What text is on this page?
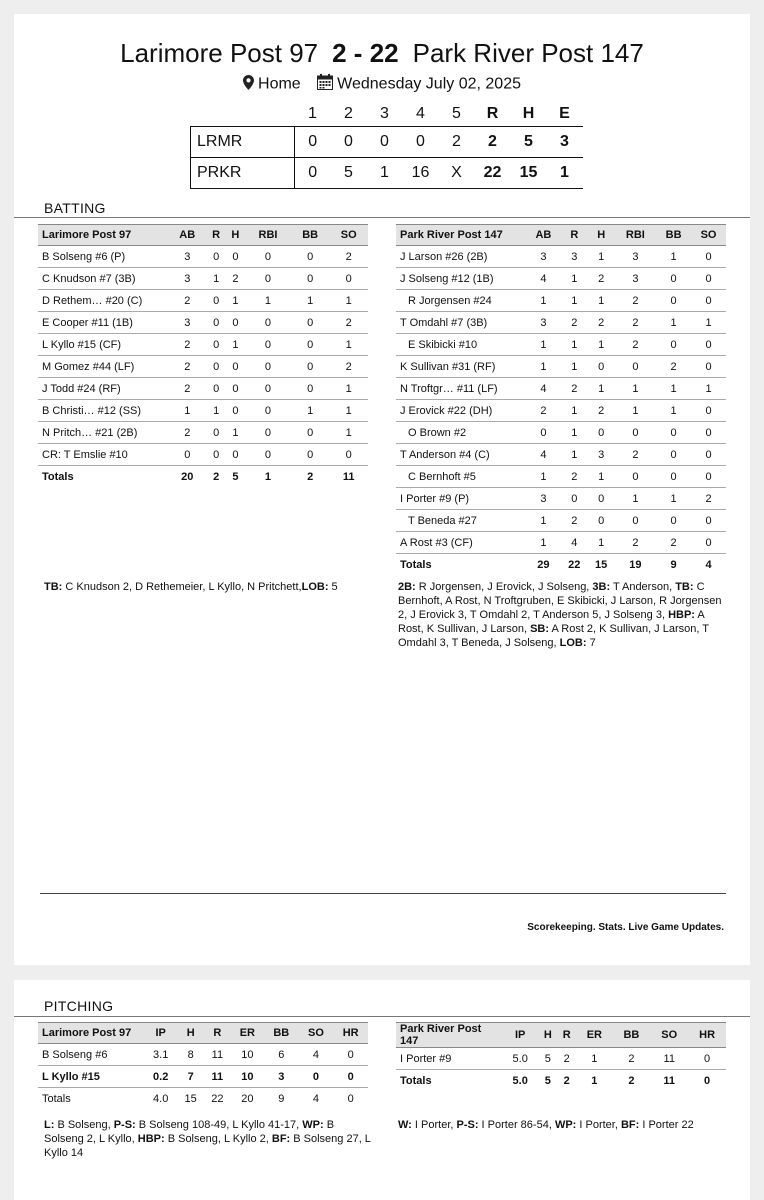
Larimore Post 97 2 - 22 Park River Post 147
Home Wednesday July 02, 2025
	1	2	3	4	5	R	H	E
LRMR	0	0	0	0	2	2	5	3
PRKR	0	5	1	16	X	22	15	1
BATTING
Larimore Post 97	AB	R	H	RBI	BB	SO
B Solseng #6 (P)	3	0	0	0	0	2
C Knudson #7 (3B)	3	1	2	0	0	0
D Rethem… #20 (C)	2	0	1	1	1	1
E Cooper #11 (1B)	3	0	0	0	0	2
L Kyllo #15 (CF)	2	0	1	0	0	1
M Gomez #44 (LF)	2	0	0	0	0	2
J Todd #24 (RF)	2	0	0	0	0	1
B Christi… #12 (SS)	1	1	0	0	1	1
N Pritch… #21 (2B)	2	0	1	0	0	1
CR: T Emslie #10	0	0	0	0	0	0
Totals	20	2	5	1	2	11
Park River Post 147	AB	R	H	RBI	BB	SO
J Larson #26 (2B)	3	3	1	3	1	0
J Solseng #12 (1B)	4	1	2	3	0	0
R Jorgensen #24	1	1	1	2	0	0
T Omdahl #7 (3B)	3	2	2	2	1	1
E Skibicki #10	1	1	1	2	0	0
K Sullivan #31 (RF)	1	1	0	0	2	0
N Troftgr… #11 (LF)	4	2	1	1	1	1
J Erovick #22 (DH)	2	1	2	1	1	0
O Brown #2	0	1	0	0	0	0
T Anderson #4 (C)	4	1	3	2	0	0
C Bernhoft #5	1	2	1	0	0	0
I Porter #9 (P)	3	0	0	1	1	2
T Beneda #27	1	2	0	0	0	0
A Rost #3 (CF)	1	4	1	2	2	0
Totals	29	22	15	19	9	4
TB: C Knudson 2, D Rethemeier, L Kyllo, N Pritchett,LOB: 5	2B: R Jorgensen, J Erovick, J Solseng, 3B: T Anderson, TB: C Bernhoft, A Rost, N Troftgruben, E Skibicki, J Larson, R Jorgensen 2, J Erovick 3, T Omdahl 2, T Anderson 5, J Solseng 3, HBP: A Rost, K Sullivan, J Larson, SB: A Rost 2, K Sullivan, J Larson, T Omdahl 3, T Beneda, J Solseng, LOB: 7
Scorekeeping. Stats. Live Game Updates.
PITCHING
Larimore Post 97	IP	H	R	ER	BB	SO	HR
B Solseng #6	3.1	8	11	10	6	4	0
L Kyllo #15	0.2	7	11	10	3	0	0
Totals	4.0	15	22	20	9	4	0
Park River Post 147	IP	H	R	ER	BB	SO	HR
I Porter #9	5.0	5	2	1	2	11	0
Totals	5.0	5	2	1	2	11	0
L: B Solseng, P-S: B Solseng 108-49, L Kyllo 41-17, WP: B Solseng 2, L Kyllo, HBP: B Solseng, L Kyllo 2, BF: B Solseng 27, L Kyllo 14
W: I Porter, P-S: I Porter 86-54, WP: I Porter, BF: I Porter 22
